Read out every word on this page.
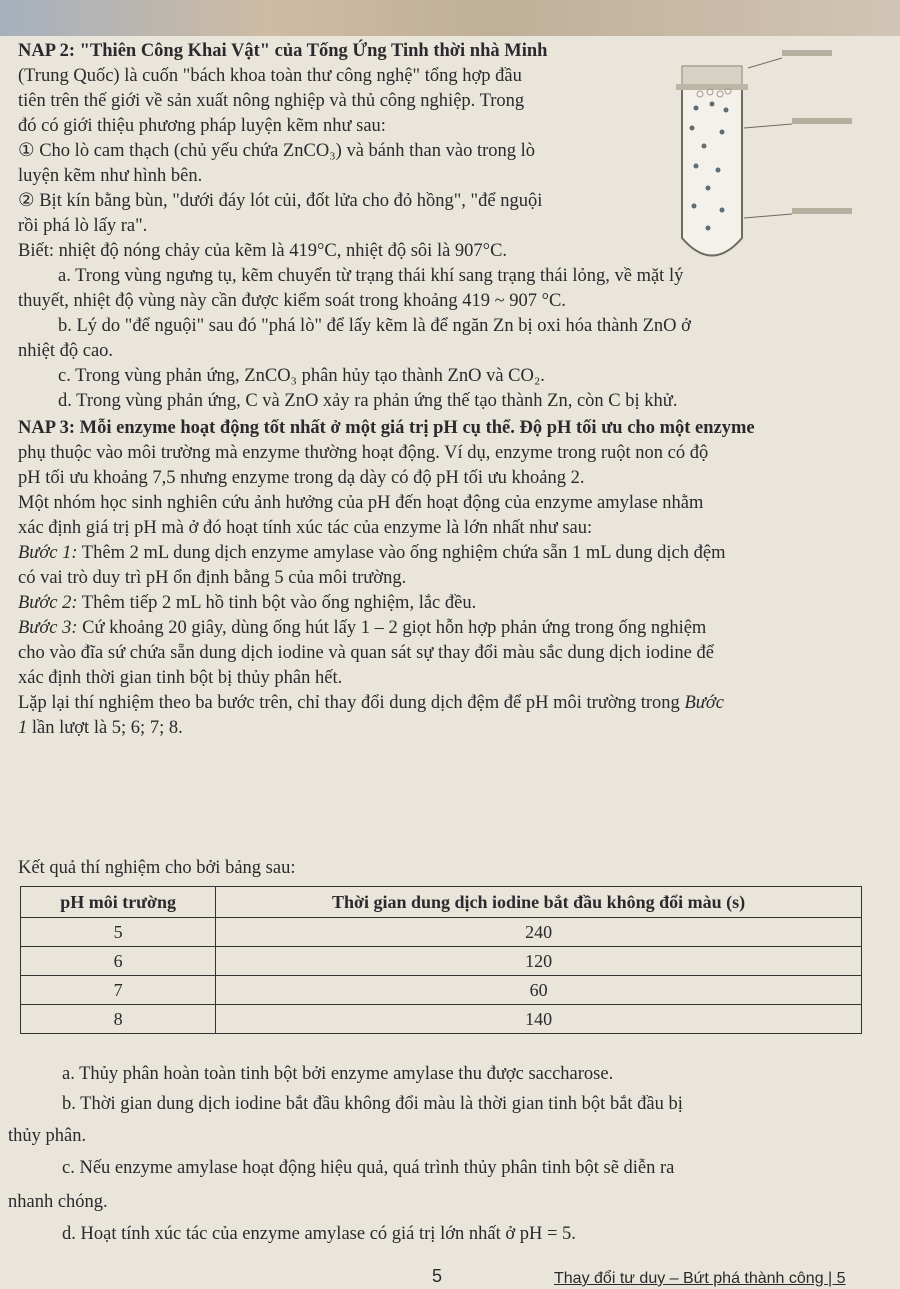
NAP 2: "Thiên Công Khai Vật" của Tống Ứng Tinh thời nhà Minh
(Trung Quốc) là cuốn "bách khoa toàn thư công nghệ" tổng hợp đầu
tiên trên thế giới về sản xuất nông nghiệp và thủ công nghiệp. Trong
đó có giới thiệu phương pháp luyện kẽm như sau:
① Cho lò cam thạch (chủ yếu chứa ZnCO₃) và bánh than vào trong lò
luyện kẽm như hình bên.
② Bịt kín bằng bùn, "dưới đáy lót củi, đốt lửa cho đỏ hồng", "để nguội
rồi phá lò lấy ra".
Biết: nhiệt độ nóng chảy của kẽm là 419°C, nhiệt độ sôi là 907°C.
a. Trong vùng ngưng tụ, kẽm chuyển từ trạng thái khí sang trạng thái lỏng, về mặt lý
thuyết, nhiệt độ vùng này cần được kiểm soát trong khoảng 419 ~ 907 °C.
b. Lý do "để nguội" sau đó "phá lò" để lấy kẽm là để ngăn Zn bị oxi hóa thành ZnO ở
nhiệt độ cao.
c. Trong vùng phản ứng, ZnCO₃ phân hủy tạo thành ZnO và CO₂.
d. Trong vùng phản ứng, C và ZnO xảy ra phản ứng thế tạo thành Zn, còn C bị khử.
NAP 3: Mỗi enzyme hoạt động tốt nhất ở một giá trị pH cụ thể. Độ pH tối ưu cho một enzyme
phụ thuộc vào môi trường mà enzyme thường hoạt động. Ví dụ, enzyme trong ruột non có độ
pH tối ưu khoảng 7,5 nhưng enzyme trong dạ dày có độ pH tối ưu khoảng 2.
Một nhóm học sinh nghiên cứu ảnh hưởng của pH đến hoạt động của enzyme amylase nhằm
xác định giá trị pH mà ở đó hoạt tính xúc tác của enzyme là lớn nhất như sau:
Bước 1: Thêm 2 mL dung dịch enzyme amylase vào ống nghiệm chứa sẵn 1 mL dung dịch đệm
có vai trò duy trì pH ổn định bằng 5 của môi trường.
Bước 2: Thêm tiếp 2 mL hồ tinh bột vào ống nghiệm, lắc đều.
Bước 3: Cứ khoảng 20 giây, dùng ống hút lấy 1 – 2 giọt hỗn hợp phản ứng trong ống nghiệm
cho vào đĩa sứ chứa sẵn dung dịch iodine và quan sát sự thay đổi màu sắc dung dịch iodine để
xác định thời gian tinh bột bị thủy phân hết.
Lặp lại thí nghiệm theo ba bước trên, chỉ thay đổi dung dịch đệm để pH môi trường trong Bước
1 lần lượt là 5; 6; 7; 8.
Kết quả thí nghiệm cho bởi bảng sau:
pH môi trường	Thời gian dung dịch iodine bắt đầu không đổi màu (s)
5	240
6	120
7	60
8	140
a. Thủy phân hoàn toàn tinh bột bởi enzyme amylase thu được saccharose.
b. Thời gian dung dịch iodine bắt đầu không đổi màu là thời gian tinh bột bắt đầu bị
thủy phân.
c. Nếu enzyme amylase hoạt động hiệu quả, quá trình thủy phân tinh bột sẽ diễn ra
nhanh chóng.
d. Hoạt tính xúc tác của enzyme amylase có giá trị lớn nhất ở pH = 5.
5	Thay đổi tư duy – Bứt phá thành công | 5
